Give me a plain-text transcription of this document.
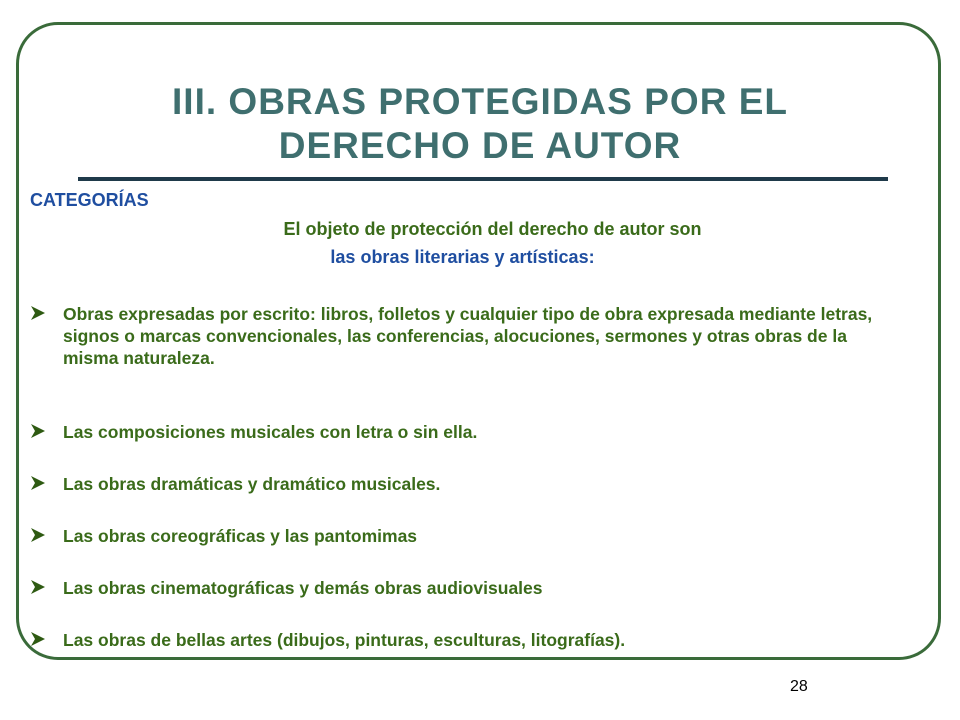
III. OBRAS PROTEGIDAS POR EL DERECHO DE AUTOR
CATEGORÍAS
El objeto de protección del derecho de autor son
las obras literarias y artísticas:
Obras expresadas por escrito: libros, folletos y cualquier tipo de obra expresada mediante letras, signos o marcas convencionales, las conferencias, alocuciones, sermones y otras obras de la misma naturaleza.
Las composiciones musicales con letra o sin ella.
Las obras dramáticas y dramático musicales.
Las obras coreográficas y las pantomimas
Las obras cinematográficas y demás obras audiovisuales
Las obras de bellas artes (dibujos, pinturas, esculturas, litografías).
28
